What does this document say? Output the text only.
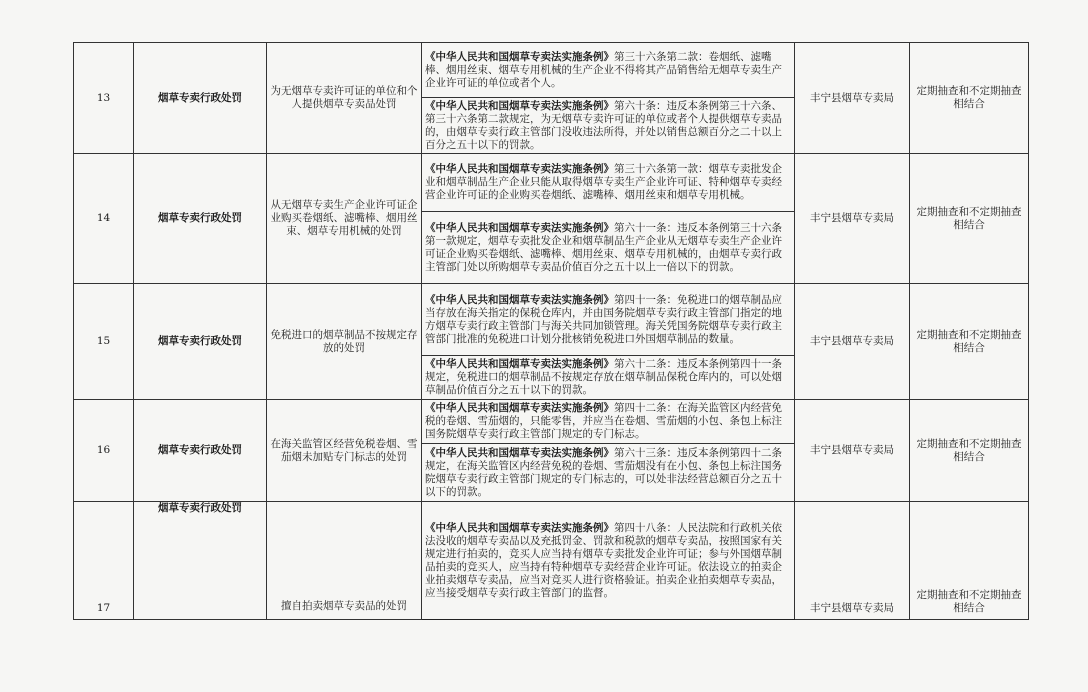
13	烟草专卖行政处罚	为无烟草专卖许可证的单位和个人提供烟草专卖品处罚	《中华人民共和国烟草专卖法实施条例》第三十六条第二款：卷烟纸、滤嘴棒、烟用丝束、烟草专用机械的生产企业不得将其产品销售给无烟草专卖生产企业许可证的单位或者个人。	丰宁县烟草专卖局	定期抽查和不定期抽查相结合
			《中华人民共和国烟草专卖法实施条例》第六十条：违反本条例第三十六条、第三十六条第二款规定，为无烟草专卖许可证的单位或者个人提供烟草专卖品的，由烟草专卖行政主管部门没收违法所得，并处以销售总额百分之二十以上百分之五十以下的罚款。		
14	烟草专卖行政处罚	从无烟草专卖生产企业许可证企业购买卷烟纸、滤嘴棒、烟用丝束、烟草专用机械的处罚	《中华人民共和国烟草专卖法实施条例》第三十六条第一款：烟草专卖批发企业和烟草制品生产企业只能从取得烟草专卖生产企业许可证、特种烟草专卖经营企业许可证的企业购买卷烟纸、滤嘴棒、烟用丝束和烟草专用机械。	丰宁县烟草专卖局	定期抽查和不定期抽查相结合
			《中华人民共和国烟草专卖法实施条例》第六十一条：违反本条例第三十六条第一款规定，烟草专卖批发企业和烟草制品生产企业从无烟草专卖生产企业许可证企业购买卷烟纸、滤嘴棒、烟用丝束、烟草专用机械的，由烟草专卖行政主管部门处以所购烟草专卖品价值百分之五十以上一倍以下的罚款。		
15	烟草专卖行政处罚	免税进口的烟草制品不按规定存放的处罚	《中华人民共和国烟草专卖法实施条例》第四十一条：免税进口的烟草制品应当存放在海关指定的保税仓库内，并由国务院烟草专卖行政主管部门指定的地方烟草专卖行政主管部门与海关共同加锁管理。海关凭国务院烟草专卖行政主管部门批准的免税进口计划分批核销免税进口外国烟草制品的数量。	丰宁县烟草专卖局	定期抽查和不定期抽查相结合
			《中华人民共和国烟草专卖法实施条例》第六十二条：违反本条例第四十一条规定，免税进口的烟草制品不按规定存放在烟草制品保税仓库内的，可以处烟草制品价值百分之五十以下的罚款。		
16	烟草专卖行政处罚	在海关监管区经营免税卷烟、雪茄烟未加贴专门标志的处罚	《中华人民共和国烟草专卖法实施条例》第四十二条：在海关监管区内经营免税的卷烟、雪茄烟的，只能零售，并应当在卷烟、雪茄烟的小包、条包上标注国务院烟草专卖行政主管部门规定的专门标志。	丰宁县烟草专卖局	定期抽查和不定期抽查相结合
			《中华人民共和国烟草专卖法实施条例》第六十三条：违反本条例第四十二条规定，在海关监管区内经营免税的卷烟、雪茄烟没有在小包、条包上标注国务院烟草专卖行政主管部门规定的专门标志的，可以处非法经营总额百分之五十以下的罚款。		
17	烟草专卖行政处罚	擅自拍卖烟草专卖品的处罚	《中华人民共和国烟草专卖法实施条例》第四十八条：人民法院和行政机关依法没收的烟草专卖品以及充抵罚金、罚款和税款的烟草专卖品，按照国家有关规定进行拍卖的，竞买人应当持有烟草专卖批发企业许可证；参与外国烟草制品拍卖的竞买人，应当持有特种烟草专卖经营企业许可证。依法设立的拍卖企业拍卖烟草专卖品，应当对竞买人进行资格验证。拍卖企业拍卖烟草专卖品，应当接受烟草专卖行政主管部门的监督。	丰宁县烟草专卖局	定期抽查和不定期抽查相结合
